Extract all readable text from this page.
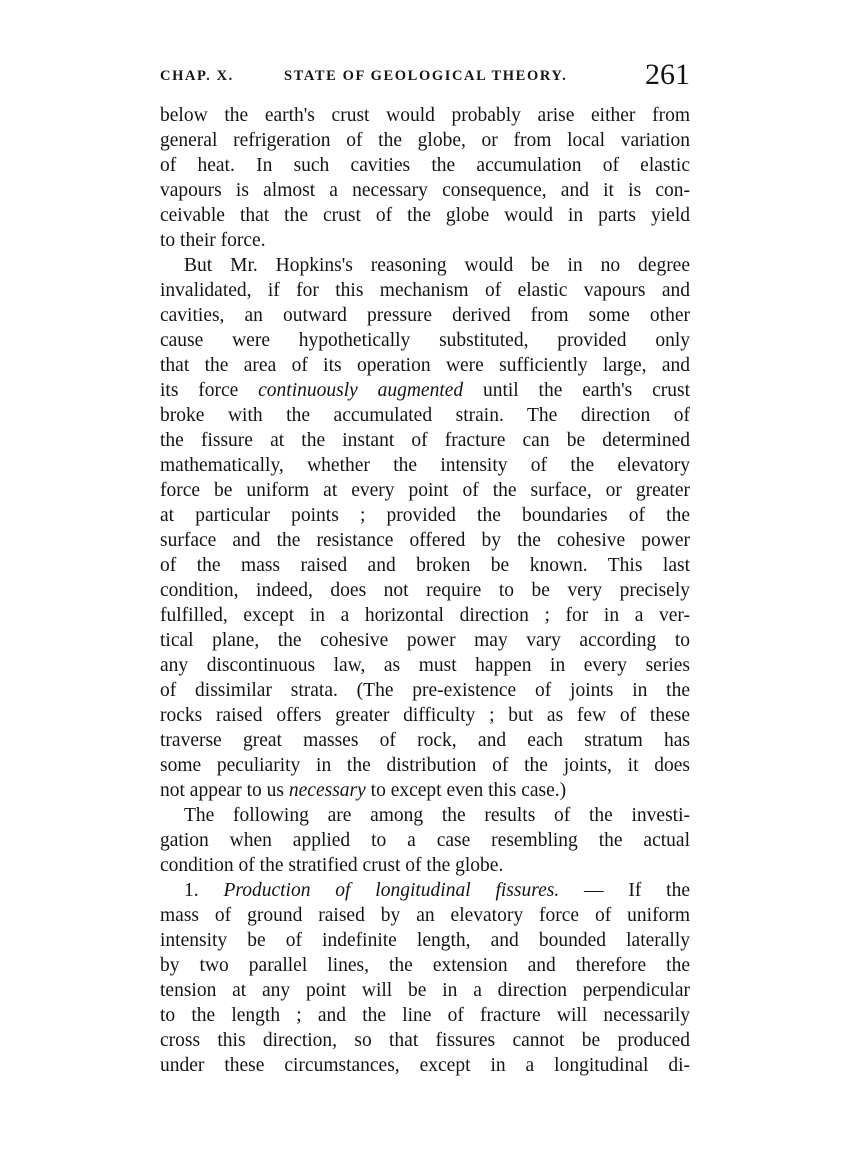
CHAP. X.	STATE OF GEOLOGICAL THEORY.	261
below the earth's crust would probably arise either from
general refrigeration of the globe, or from local variation
of heat. In such cavities the accumulation of elastic
vapours is almost a necessary consequence, and it is con-
ceivable that the crust of the globe would in parts yield
to their force.
But Mr. Hopkins's reasoning would be in no degree
invalidated, if for this mechanism of elastic vapours and
cavities, an outward pressure derived from some other
cause were hypothetically substituted, provided only
that the area of its operation were sufficiently large, and
its force continuously augmented until the earth's crust
broke with the accumulated strain. The direction of
the fissure at the instant of fracture can be determined
mathematically, whether the intensity of the elevatory
force be uniform at every point of the surface, or greater
at particular points ; provided the boundaries of the
surface and the resistance offered by the cohesive power
of the mass raised and broken be known. This last
condition, indeed, does not require to be very precisely
fulfilled, except in a horizontal direction ; for in a ver-
tical plane, the cohesive power may vary according to
any discontinuous law, as must happen in every series
of dissimilar strata. (The pre-existence of joints in the
rocks raised offers greater difficulty ; but as few of these
traverse great masses of rock, and each stratum has
some peculiarity in the distribution of the joints, it does
not appear to us necessary to except even this case.)
The following are among the results of the investi-
gation when applied to a case resembling the actual
condition of the stratified crust of the globe.
1. Production of longitudinal fissures. — If the
mass of ground raised by an elevatory force of uniform
intensity be of indefinite length, and bounded laterally
by two parallel lines, the extension and therefore the
tension at any point will be in a direction perpendicular
to the length ; and the line of fracture will necessarily
cross this direction, so that fissures cannot be produced
under these circumstances, except in a longitudinal di-
